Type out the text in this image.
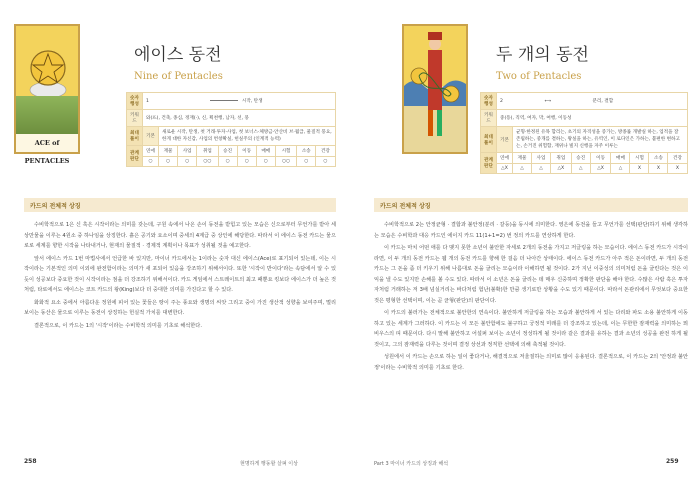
ACE of PENTACLES
에이스 동전
Nine of Pentacles
숫자 행성	1 시작, 탄생										
키워드	와(뜨), 건축, 종심, 정재(·), 신, 획천행, 남자, 선, 뭉										
최대 풀이	기본	새로운 시작, 탄생, 첫 거래·투자·사업, 첫 보너스·체방금·안산비 브·월급, 물질적 풍요, 한게 대한 자신감, 사업의 번창확실, 헌실주의 (인계적 능력)									
관계 판단	연애	재물	사업	취업	승진	이동	매매	시험	소송	건강	
	○	○	○	○○	○	○	○	○○	○	○	
카드의 전체적 상징

수비학적으로 1은 신 혹은 시작이라는 의미를 갖는데, 구원 속에서 나온 손이 동전을 받힘고 있는 모습은 신으로부터 무언가를 받아 세상만물을 이루는 4원소 중 하나임을 상징한다. 흙은 공기와 요소이며 중세의 4계급 중 상인에 해당한다. 따라서 이 에이스 동전 카드는 물으로로 세계를 향한 시작을 나타내거나, 현재의 물질적 · 경제적 계획이나 목표가 성취될 것을 예고한다.

앞서 에이스 카드 1번 마법사에서 언급한 바 있지만, 마이너 카드에서는 1이라는 숫자 대신 에이스(Ace)로 표기되어 있는데, 이는 시작이라는 기본적인 의미 이외에 완전함이라는 의미가 새 포되어 있음을 강조하기 위해서이다. 또한 '시작이 반이다'라는 속담에서 알 수 있듯이 성공보다 중요한 것이 시작이라는 점을 더 강조하기 위해서이다. 카드 게임에서 스트레이트의 최고 패뿐요 킹보다 에이스가 더 높은 것처럼, 타로에서도 에이스는 코트 카드의 왕(King)보다 더 중대한 의미를 가진다고 할 수 있다.

화화적 요소 중에서 아름다운 정원에 피어 있는 꽃들은 땅이 주는 풍요와 생명의 씨앗 그리고 중이 가진 생산적 성향을 보여주며, 멀리 보이는 동산은 물으로 이루는 동전이 상징하는 헌실적 가치를 대변한다.

결론적으로, 이 카드는 1의 '시작'이라는 수비학적 의미를 기초로 해석한다.

258	현명하게 행동할 살펴 이상
두 개의 동전
Two of Pentacles
숫자 행성	2 ⟷ 분리, 결합										
키워드	중(뜽), 직역, 여자, 막, 여행, 이동성										
최대 풀이	기본	균형·한정된 유목 합리는, 초기의 자격성을 증가는, 방종률 개발실 하는, 업적을 잘 존립하는, 중개를 결하는, 왕실을 하는, 유역인, 이 로다인은 가하는, 불편한 변하고는, 손거진 위험함, 재위나 빌지 신행을 자주 이루는									
관계 판단	연애	재물	사업	취업	승진	이동	매매	시험	소송	건강	
	△X	△	△	△X	△	△X	△	X	X	X	
카드의 전체적 상징

수비학적으로 2는 안정균형 · 결합과 불안정(분리 · 갈등)을 동시에 의미한다. 영은에 동전을 들고 무언가를 선택(판단)하기 위해 생각하는 모습은 수비학과 대응 카드인 에이지 카드 11(1+1=2) 번 정의 카드를 연상하게 한다.

이 카드는 마치 어떤 애를 다 맺지 못한 소년이 불안한 자세로 2개의 동전을 가지고 저글링을 하는 모습이다. 에이스 동전 카드가 시작이라면, 이 두 개의 동전 카드는 웹 개의 동전 카드를 향해 한 걸음 더 나아간 상태이다. 에이스 동전 카드가 아주 적은 돈이라면, 두 개의 동전 카드는 그 돈을 좀 더 키우기 위해 나름대로 돈을 굴리는 모습이라 이해하면 될 것이다. 2가 지닌 이중성의 의미처럼 돈을 굴린다는 것은 이익을 낼 수도 있지만 손해를 볼 수도 있다. 따라서 이 소년은 돈을 굴리는 데 매우 신중하며 정확한 판단을 해야 한다. 수많은 사람 혹은 투자자처럼 거래하는 저 3배 넘실거리는 바다처럼 험난(불확)한 만큼 생기로만 상황을 수도 있기 때문이다. 따라서 돈관리에서 무엇보다 중요한 것은 평형한 선택이며, 이는 곧 균형(판단)의 판단이다.

이 카드의 불러가는 전체적으로 불안한의 연속이다. 불안하게 저글링을 하는 모습과 불안하게 서 있는 다리와 파도 소용 불안하게 이동하고 있는 세계가 그러하다. 이 카드는 이 모든 불안함에도 불구하고 궁정적 미래를 더 강조하고 있는데, 이는 무한한 잠재력을 의미하는 뫼비우스의 띠 때문이다. 다시 말해 불안하고 어설퍼 보이는 소년이 정성하게 될 것이라 같은 결과를 유하는 결과 소년의 성공을 완전 하게 될 것이고, 그의 잠재력을 다루는 것이며 결정 상선과 정직한 선택에 의해 축적될 것이다.

성원에서 이 카드는 손으로 하는 일이 좋다거나, 해결적으로 저울질하는 의미로 많이 응용된다. 결론적으로, 이 카드는 2의 '안정과 불안정'이라는 수비학적 의미를 기초로 한다.

Part 3 마이너 카드의 상징과 해석	259
